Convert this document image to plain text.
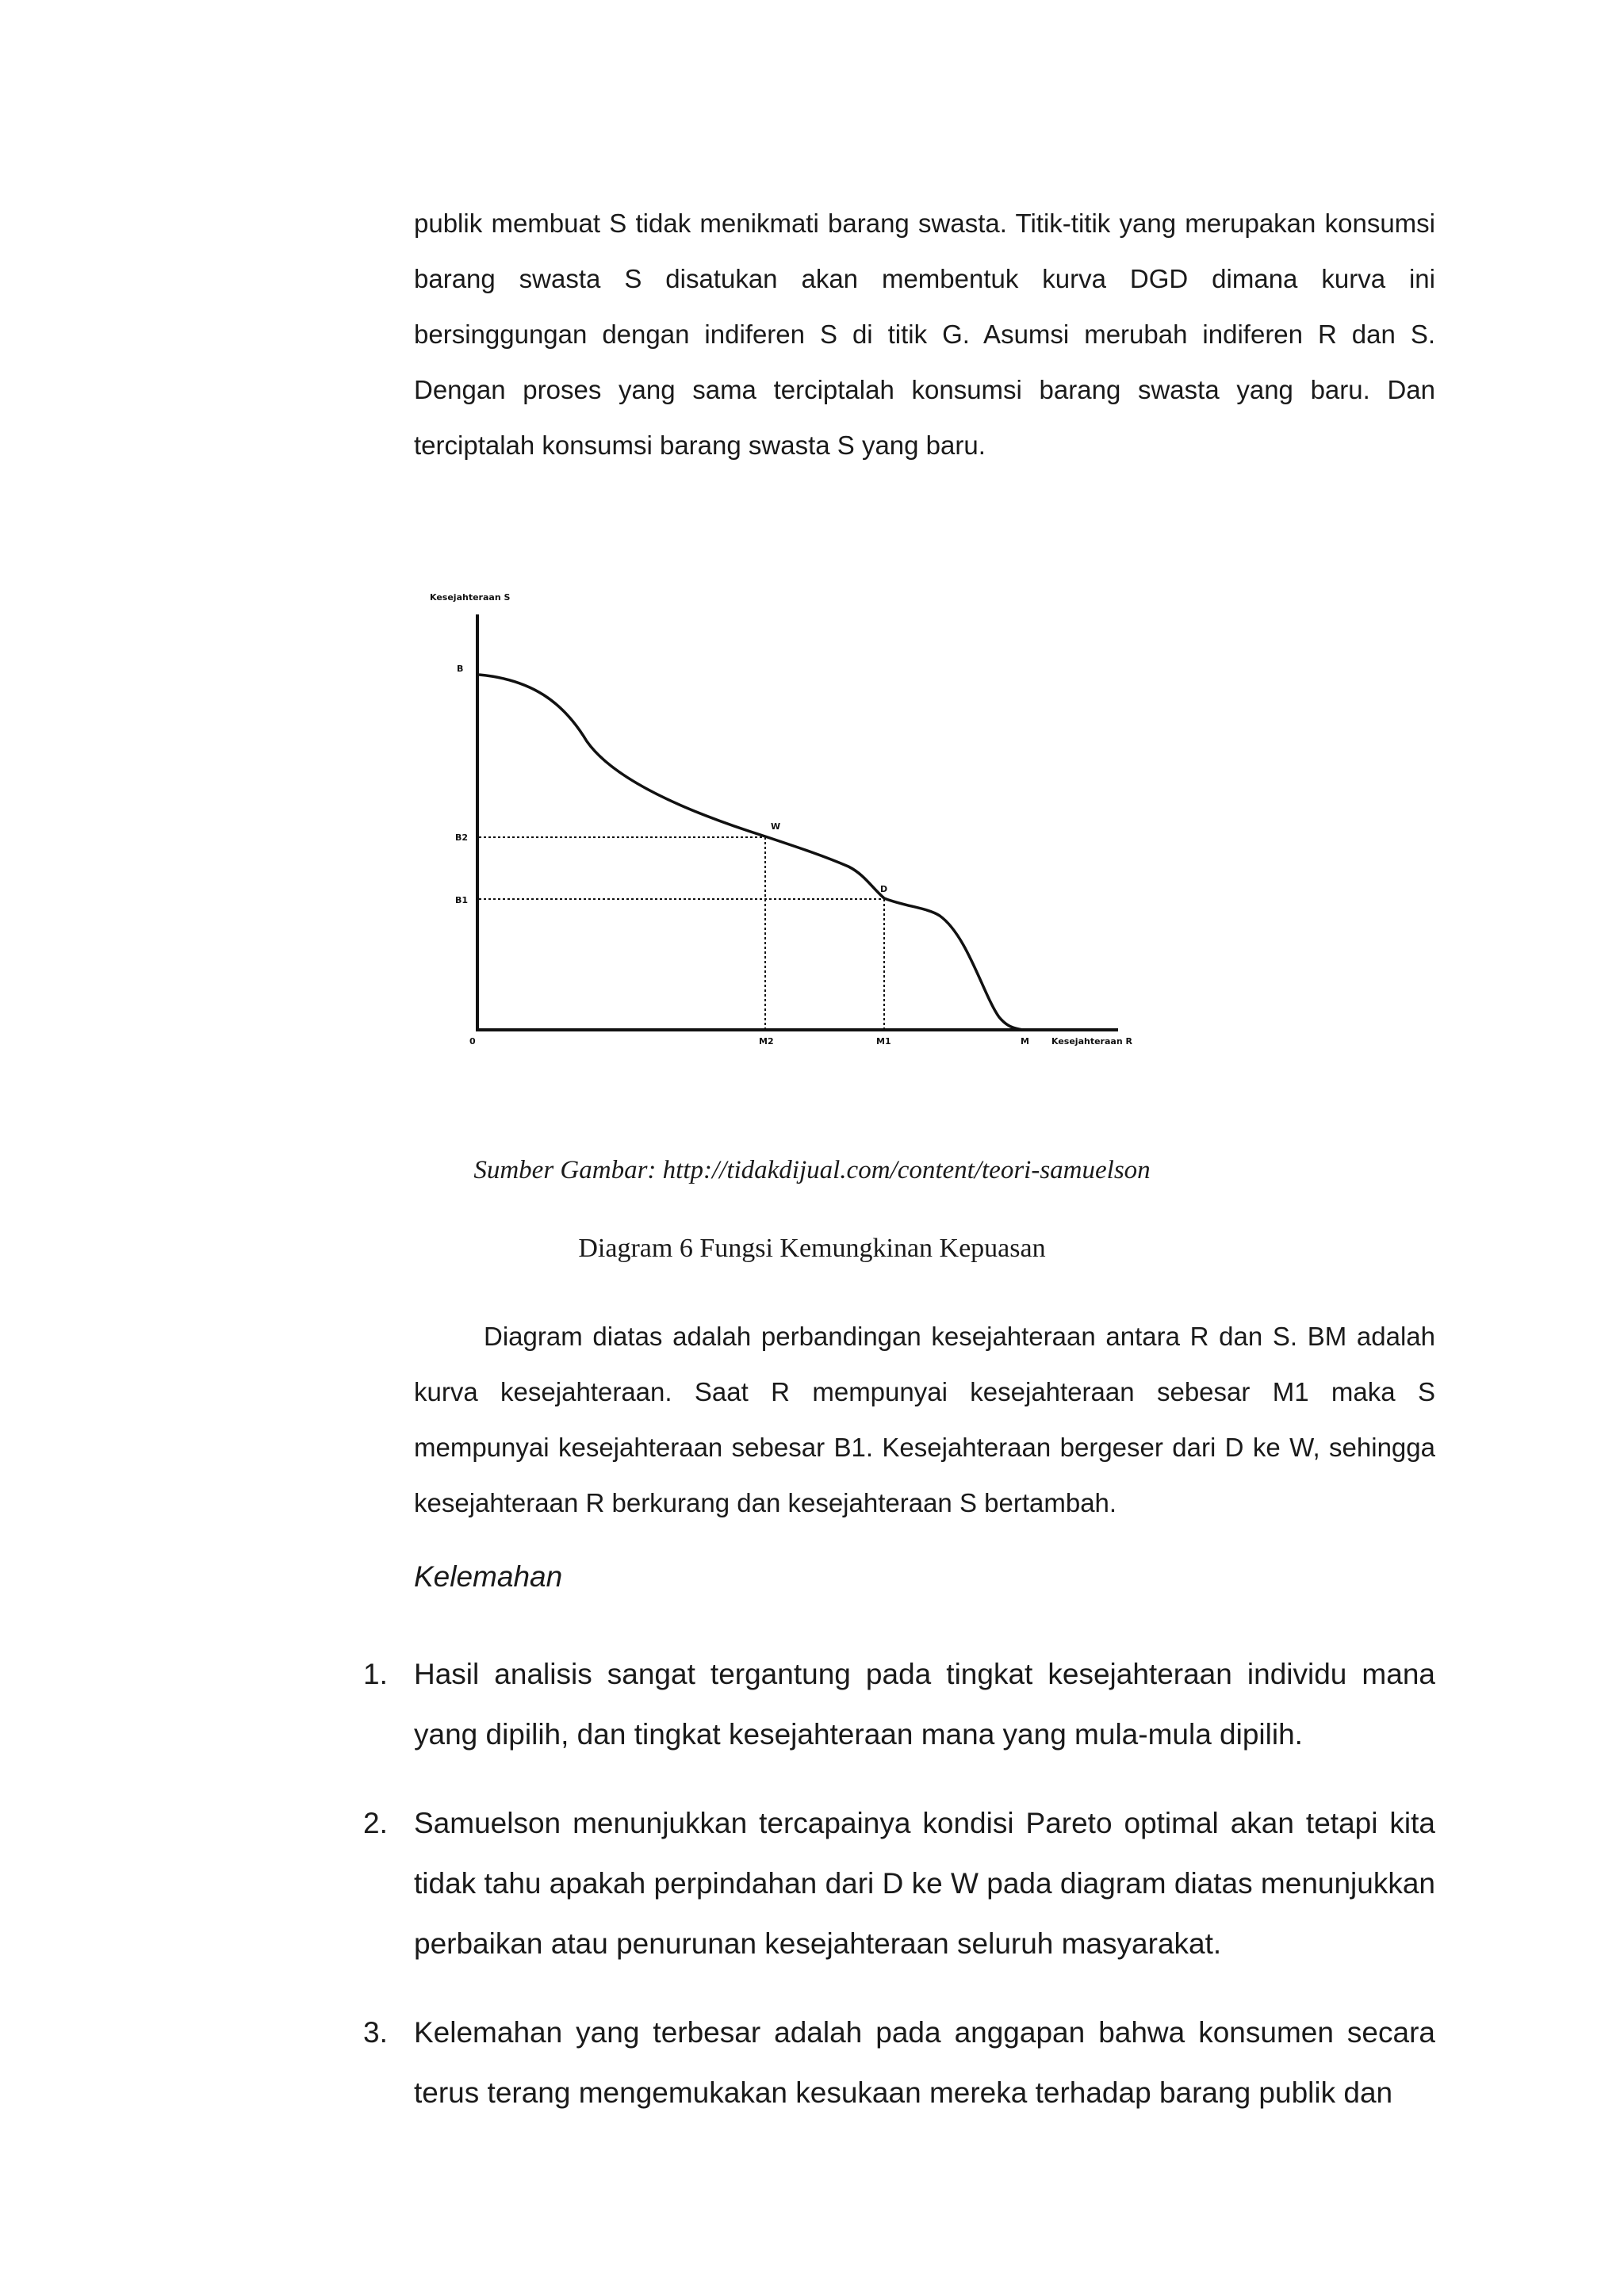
publik membuat S tidak menikmati barang swasta. Titik-titik yang merupakan konsumsi barang swasta S disatukan akan membentuk kurva DGD dimana kurva ini bersinggungan dengan indiferen S di titik G. Asumsi merubah indiferen R dan S. Dengan proses yang sama terciptalah konsumsi barang swasta yang baru. Dan terciptalah konsumsi barang swasta S yang baru.

Kesejahteraan S
B
B2
B1
W
D
0	M2	M1	M	Kesejahteraan R
Sumber Gambar: http://tidakdijual.com/content/teori-samuelson
Diagram 6 Fungsi Kemungkinan Kepuasan

Diagram diatas adalah perbandingan kesejahteraan antara R dan S. BM adalah kurva kesejahteraan. Saat R mempunyai kesejahteraan sebesar M1 maka S mempunyai kesejahteraan sebesar B1. Kesejahteraan bergeser dari D ke W, sehingga kesejahteraan R berkurang dan kesejahteraan S bertambah.

Kelemahan
1. Hasil analisis sangat tergantung pada tingkat kesejahteraan individu mana yang dipilih, dan tingkat kesejahteraan mana yang mula-mula dipilih.

2. Samuelson menunjukkan tercapainya kondisi Pareto optimal akan tetapi kita tidak tahu apakah perpindahan dari D ke W pada diagram diatas menunjukkan perbaikan atau penurunan kesejahteraan seluruh masyarakat.

3. Kelemahan yang terbesar adalah pada anggapan bahwa konsumen secara terus terang mengemukakan kesukaan mereka terhadap barang publik dan
